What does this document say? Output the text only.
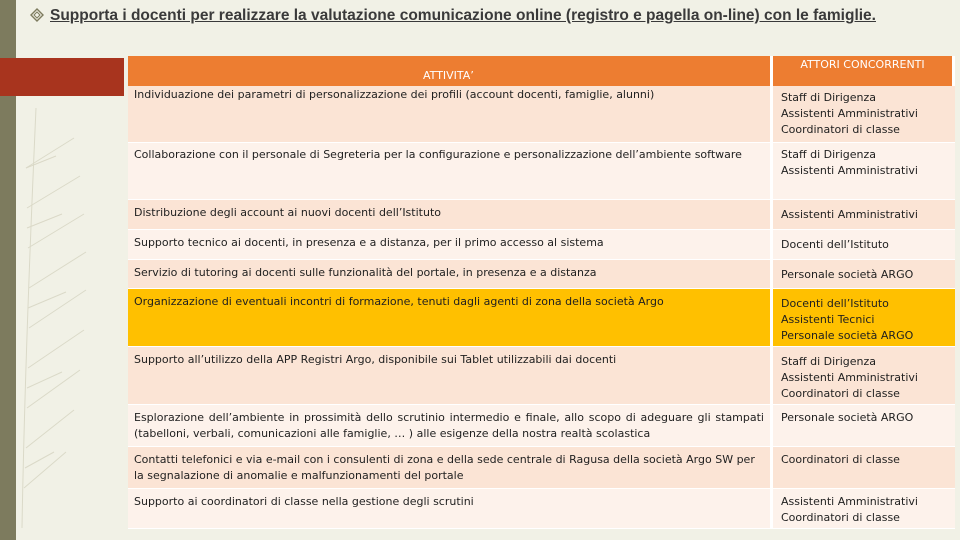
Supporta i docenti per realizzare la valutazione comunicazione online (registro e pagella on-line) con le famiglie.
ATTIVITA’	ATTORI CONCORRENTI
Individuazione dei parametri di personalizzazione dei profili (account docenti, famiglie, alunni)	Staff di Dirigenza
Assistenti Amministrativi
Coordinatori di classe

Collaborazione con il personale di Segreteria per la configurazione e personalizzazione dell’ambiente software	Staff di Dirigenza
Assistenti Amministrativi

Distribuzione degli account ai nuovi docenti dell’Istituto	Assistenti Amministrativi

Supporto tecnico ai docenti, in presenza e a distanza, per il primo accesso al sistema	Docenti dell’Istituto

Servizio di tutoring ai docenti sulle funzionalità del portale, in presenza e a distanza	Personale società ARGO

Organizzazione di eventuali incontri di formazione, tenuti dagli agenti di zona della società Argo	Docenti dell’Istituto
Assistenti Tecnici
Personale società ARGO

Supporto all’utilizzo della APP Registri Argo, disponibile sui Tablet utilizzabili dai docenti	Staff di Dirigenza
Assistenti Amministrativi
Coordinatori di classe

Esplorazione dell’ambiente in prossimità dello scrutinio intermedio e finale, allo scopo di adeguare gli stampati (tabelloni, verbali, comunicazioni alle famiglie, … ) alle esigenze della nostra realtà scolastica	Personale società ARGO

Contatti telefonici e via e-mail con i consulenti di zona e della sede centrale di Ragusa della società Argo SW per la segnalazione di anomalie e malfunzionamenti del portale	Coordinatori di classe

Supporto ai coordinatori di classe nella gestione degli scrutini	Assistenti Amministrativi
Coordinatori di classe
